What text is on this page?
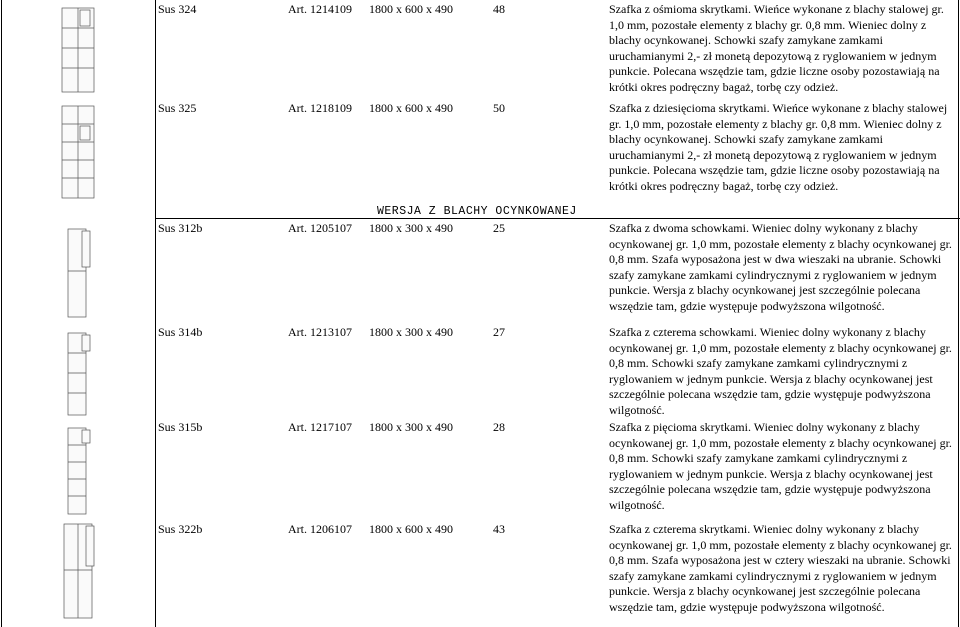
Sus 324	Art. 1214109 1800 x 600 x 490	48	Szafka z ośmioma skrytkami. Wieńce wykonane z blachy stalowej gr. 1,0 mm, pozostałe elementy z blachy gr. 0,8 mm. Wieniec dolny z blachy ocynkowanej. Schowki szafy zamykane zamkami uruchamianymi 2,- zł monetą depozytową z ryglowaniem w jednym punkcie. Polecana wszędzie tam, gdzie liczne osoby pozostawiają na krótki okres podręczny bagaż, torbę czy odzież.
Sus 325	Art. 1218109 1800 x 600 x 490	50	Szafka z dziesięcioma skrytkami. Wieńce wykonane z blachy stalowej gr. 1,0 mm, pozostałe elementy z blachy gr. 0,8 mm. Wieniec dolny z blachy ocynkowanej. Schowki szafy zamykane zamkami uruchamianymi 2,- zł monetą depozytową z ryglowaniem w jednym punkcie. Polecana wszędzie tam, gdzie liczne osoby pozostawiają na krótki okres podręczny bagaż, torbę czy odzież.
WERSJA Z BLACHY OCYNKOWANEJ
Sus 312b	Art. 1205107 1800 x 300 x 490	25	Szafka z dwoma schowkami. Wieniec dolny wykonany z blachy ocynkowanej gr. 1,0 mm, pozostałe elementy z blachy ocynkowanej gr. 0,8 mm. Szafa wyposażona jest w dwa wieszaki na ubranie. Schowki szafy zamykane zamkami cylindrycznymi z ryglowaniem w jednym punkcie. Wersja z blachy ocynkowanej jest szczególnie polecana wszędzie tam, gdzie występuje podwyższona wilgotność.
Sus 314b	Art. 1213107 1800 x 300 x 490	27	Szafka z czterema schowkami. Wieniec dolny wykonany z blachy ocynkowanej gr. 1,0 mm, pozostałe elementy z blachy ocynkowanej gr. 0,8 mm. Schowki szafy zamykane zamkami cylindrycznymi z ryglowaniem w jednym punkcie. Wersja z blachy ocynkowanej jest szczególnie polecana wszędzie tam, gdzie występuje podwyższona wilgotność.
Sus 315b	Art. 1217107 1800 x 300 x 490	28	Szafka z pięcioma skrytkami. Wieniec dolny wykonany z blachy ocynkowanej gr. 1,0 mm, pozostałe elementy z blachy ocynkowanej gr. 0,8 mm. Schowki szafy zamykane zamkami cylindrycznymi z ryglowaniem w jednym punkcie. Wersja z blachy ocynkowanej jest szczególnie polecana wszędzie tam, gdzie występuje podwyższona wilgotność.
Sus 322b	Art. 1206107 1800 x 600 x 490	43	Szafka z czterema skrytkami. Wieniec dolny wykonany z blachy ocynkowanej gr. 1,0 mm, pozostałe elementy z blachy ocynkowanej gr. 0,8 mm. Szafa wyposażona jest w cztery wieszaki na ubranie. Schowki szafy zamykane zamkami cylindrycznymi z ryglowaniem w jednym punkcie. Wersja z blachy ocynkowanej jest szczególnie polecana wszędzie tam, gdzie występuje podwyższona wilgotność.
